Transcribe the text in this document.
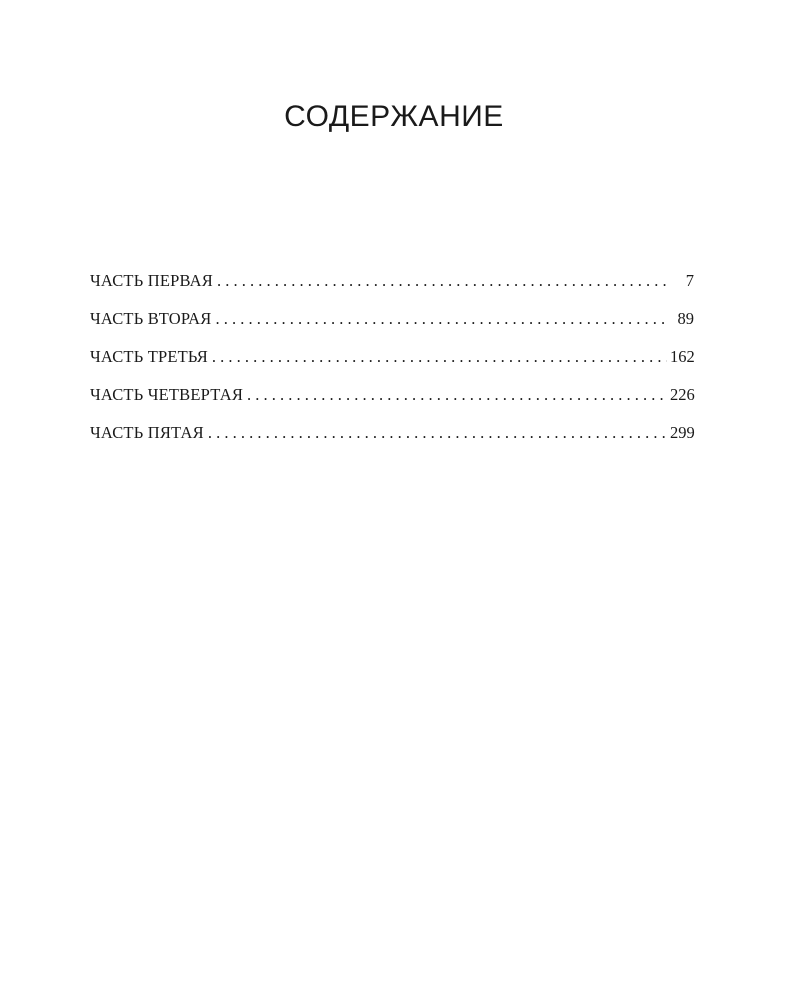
СОДЕРЖАНИЕ
ЧАСТЬ ПЕРВАЯ . . .	7
ЧАСТЬ ВТОРАЯ . . .	89
ЧАСТЬ ТРЕТЬЯ . . .	162
ЧАСТЬ ЧЕТВЕРТАЯ . . .	226
ЧАСТЬ ПЯТАЯ . . .	299
